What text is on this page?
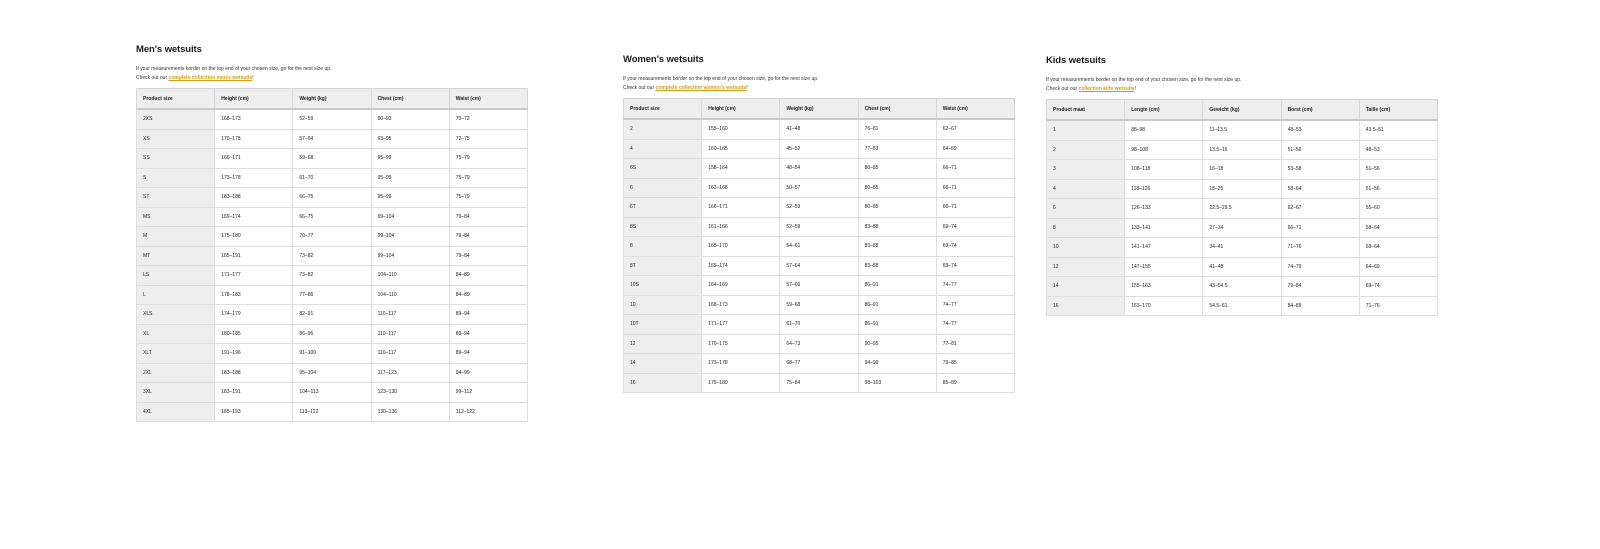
Men's wetsuits
If your measurements border on the top end of your chosen size, go for the next size up.
Check out our complete collection men's wetsuits!
Product size	Height (cm)	Weight (kg)	Chest (cm)	Waist (cm)
2XS	168–173	52–59	90–93	70–72
XS	170–175	57–64	93–95	72–75
SS	166–171	59–68	95–99	75–79
S	173–178	61–70	95–99	75–79
ST	183–188	66–75	95–99	75–79
MS	169–174	66–75	99–104	79–84
M	175–180	70–77	99–104	79–84
MT	185–191	73–82	99–104	79–84
LS	171–177	73–82	104–110	84–89
L	178–183	77–86	104–110	84–89
XLS	174–179	82–91	110–117	89–94
XL	180–185	86–95	110–117	89–94
XLT	191–196	91–100	110–117	89–94
2XL	183–188	95–104	117–123	94–99
3XL	183–191	104–113	123–130	99–112
4XL	185–193	113–122	130–136	112–122
Women's wetsuits
If your measurements border on the top end of your chosen size, go for the next size up.
Check out our complete collection women's wetsuits!
Product size	Height (cm)	Weight (kg)	Chest (cm)	Waist (cm)
2	155–160	41–48	76–81	62–67
4	160–165	45–52	77–83	64–69
6S	158–164	48–54	80–85	66–71
6	163–168	50–57	80–85	66–71
6T	166–171	52–59	80–85	66–71
8S	161–166	52–59	83–88	69–74
8	165–170	54–61	83–88	69–74
8T	169–174	57–64	83–88	69–74
10S	164–169	57–66	86–91	74–77
10	168–173	59–68	86–91	74–77
10T	171–177	61–70	86–91	74–77
12	170–175	64–73	90–95	77–81
14	173–178	68–77	94–99	79–85
16	175–180	75–84	98–103	85–89
Kids wetsuits
If your measurements border on the top end of your chosen size, go for the next size up.
Check out our collection kids wetsuits!
Product maat	Lengte (cm)	Gewicht (kg)	Borst (cm)	Taille (cm)
1	88–98	11–13.5	48–53	43.5–51
2	98–108	13.5–16	51–56	48–53
3	108–118	16–18	53–58	51–56
4	118–126	18–25	58–64	51–56
6	126–133	22.5–29.5	62–67	55–60
8	133–141	27–34	66–71	58–64
10	141–147	34–41	71–76	58–64
12	147–155	41–48	74–79	64–69
14	155–163	43–54.5	79–84	69–74
16	163–170	54.5–61	84–89	71–76
